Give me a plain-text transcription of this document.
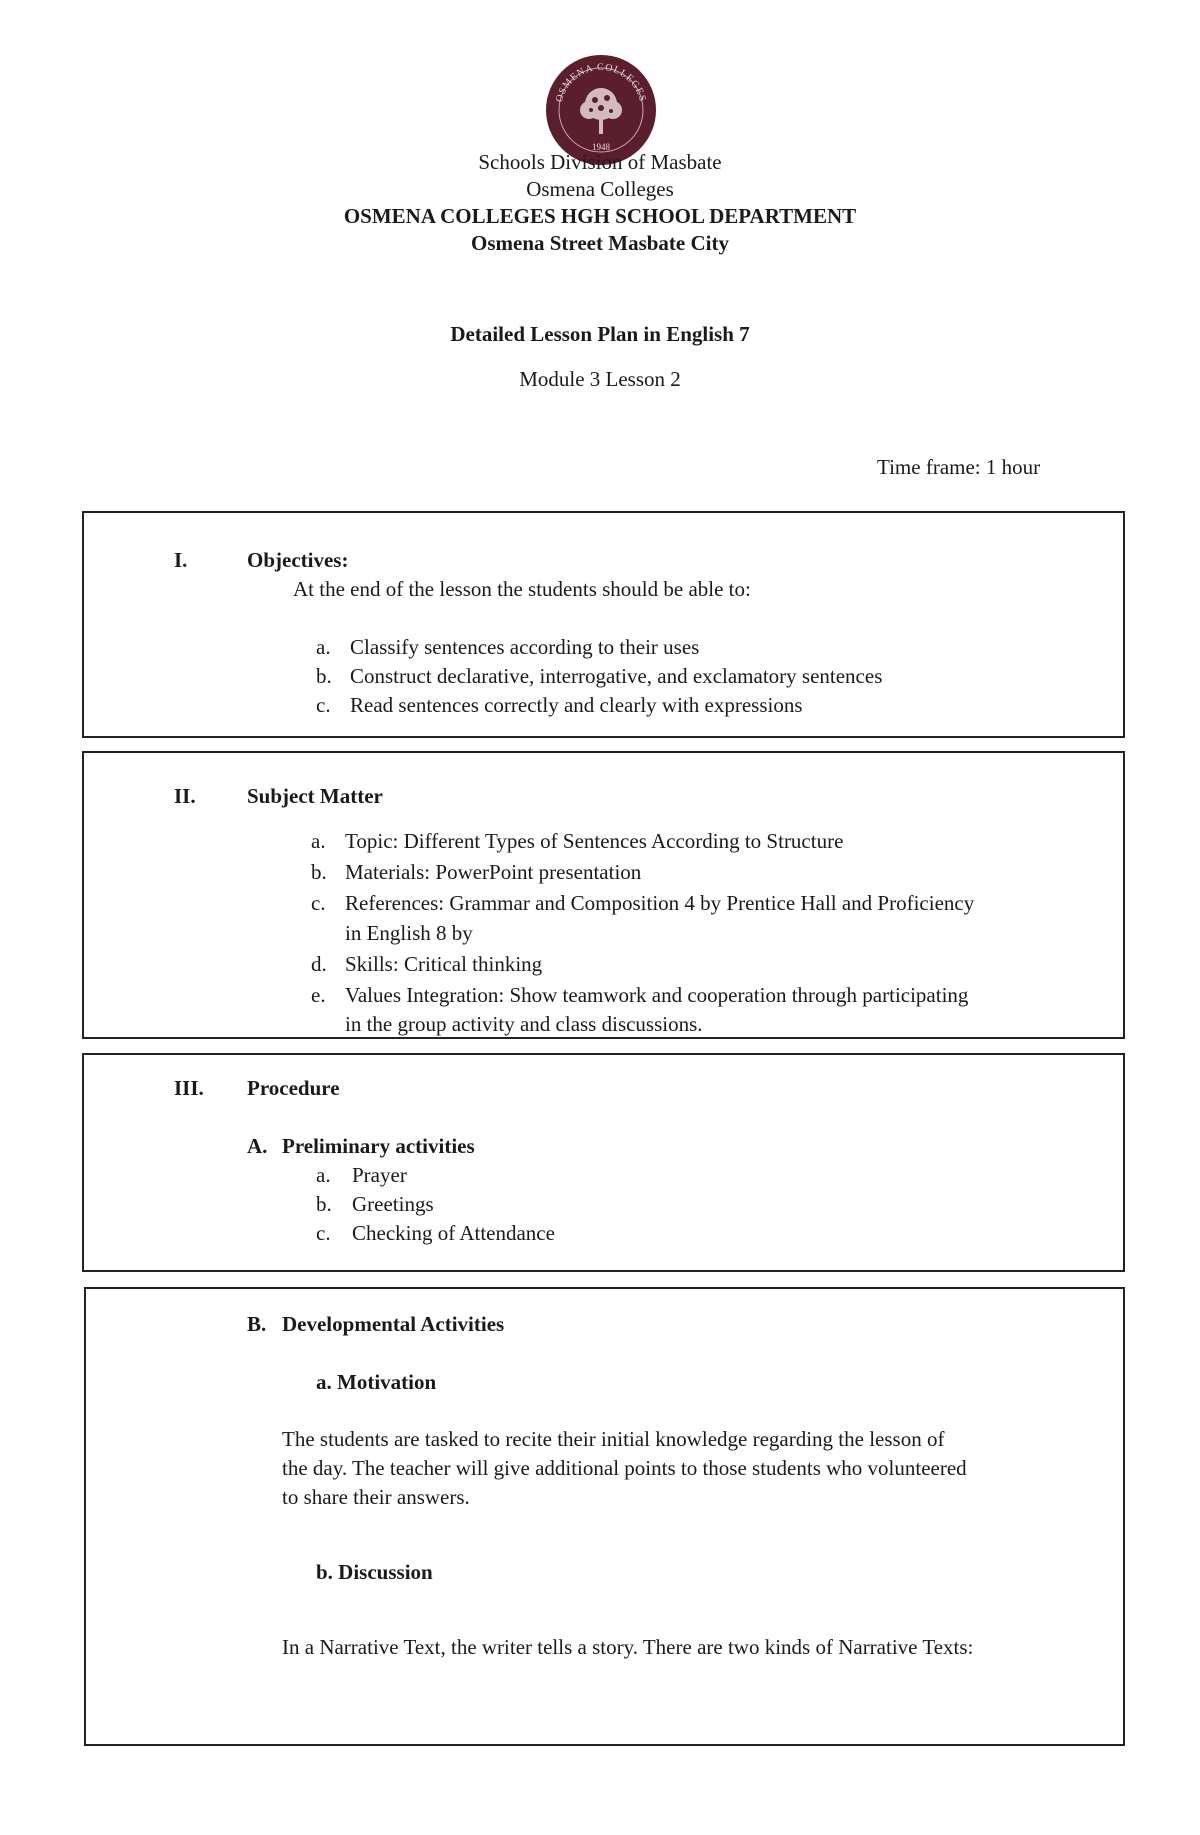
OSMENA COLLEGES
1948
Schools Division of Masbate
Osmena Colleges
OSMENA COLLEGES HGH SCHOOL DEPARTMENT
Osmena Street Masbate City
Detailed Lesson Plan in English 7
Module 3 Lesson 2
Time frame: 1 hour
I.	Objectives:
At the end of the lesson the students should be able to:
a. Classify sentences according to their uses
b. Construct declarative, interrogative, and exclamatory sentences
c. Read sentences correctly and clearly with expressions
II. Subject Matter
a. Topic: Different Types of Sentences According to Structure
b. Materials: PowerPoint presentation
c. References: Grammar and Composition 4 by Prentice Hall and Proficiency
in English 8 by
d. Skills: Critical thinking
e. Values Integration: Show teamwork and cooperation through participating
in the group activity and class discussions.
III. Procedure
A. Preliminary activities
a. Prayer
b. Greetings
c. Checking of Attendance
B. Developmental Activities
a. Motivation
The students are tasked to recite their initial knowledge regarding the lesson of
the day. The teacher will give additional points to those students who volunteered
to share their answers.
b. Discussion
In a Narrative Text, the writer tells a story. There are two kinds of Narrative Texts:
